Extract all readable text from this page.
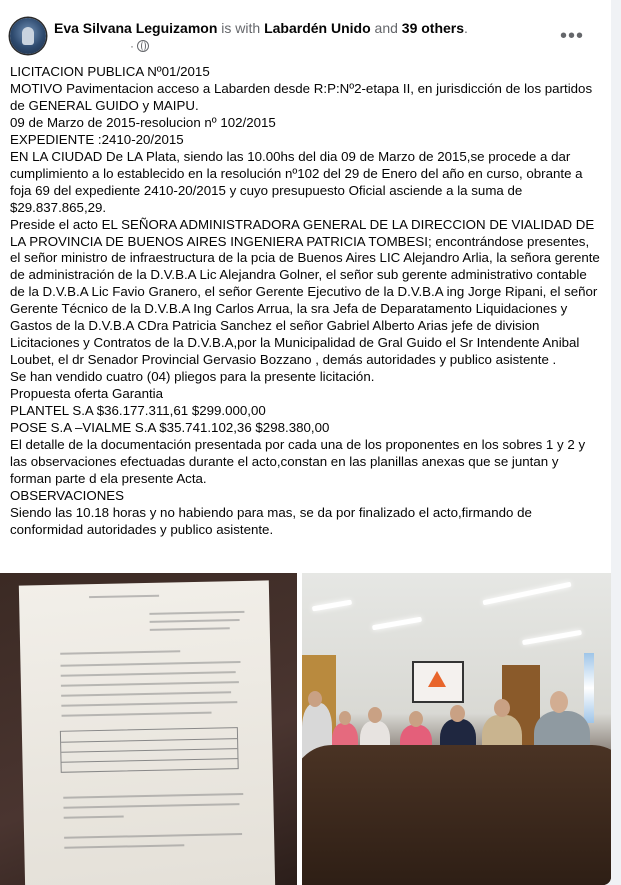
Eva Silvana Leguizamon is with Labardén Unido and 39 others.
·	•••

LICITACION PUBLICA Nº01/2015

MOTIVO Pavimentacion acceso a Labarden desde R:P:Nº2-etapa II, en jurisdicción de los partidos de GENERAL GUIDO y MAIPU.

09 de Marzo de 2015-resolucion nº 102/2015

EXPEDIENTE :2410-20/2015

EN LA CIUDAD De LA Plata, siendo las 10.00hs del dia 09 de Marzo de 2015,se procede a dar cumplimiento a lo establecido en la resolución nº102 del 29 de Enero del año en curso, obrante a foja 69 del expediente 2410-20/2015 y cuyo presupuesto Oficial asciende a la suma de $29.837.865,29.

Preside el acto EL SEÑORA ADMINISTRADORA GENERAL DE LA DIRECCION DE VIALIDAD DE LA PROVINCIA DE BUENOS AIRES INGENIERA PATRICIA TOMBESI; encontrándose presentes, el señor ministro de infraestructura de la pcia de Buenos Aires LIC Alejandro Arlia, la señora gerente de administración de la D.V.B.A Lic Alejandra Golner, el señor sub gerente administrativo contable de la D.V.B.A Lic Favio Granero, el señor Gerente Ejecutivo de la D.V.B.A ing Jorge Ripani, el señor Gerente Técnico de la D.V.B.A Ing Carlos Arrua, la sra Jefa de Deparatamento Liquidaciones y Gastos de la D.V.B.A CDra Patricia Sanchez el señor Gabriel Alberto Arias jefe de division Licitaciones y Contratos de la D.V.B.A,por la Municipalidad de Gral Guido el Sr Intendente Anibal Loubet, el dr Senador Provincial Gervasio Bozzano , demás autoridades y publico asistente .

Se han vendido cuatro (04) pliegos para la presente licitación.

Propuesta oferta Garantia

PLANTEL S.A $36.177.311,61 $299.000,00

POSE S.A –VIALME S.A $35.741.102,36 $298.380,00

El detalle de la documentación presentada por cada una de los proponentes en los sobres 1 y 2 y las observaciones efectuadas durante el acto,constan en las planillas anexas que se juntan y forman parte d ela presente Acta.

OBSERVACIONES

Siendo las 10.18 horas y no habiendo para mas, se da por finalizado el acto,firmando de conformidad autoridades y publico asistente.
